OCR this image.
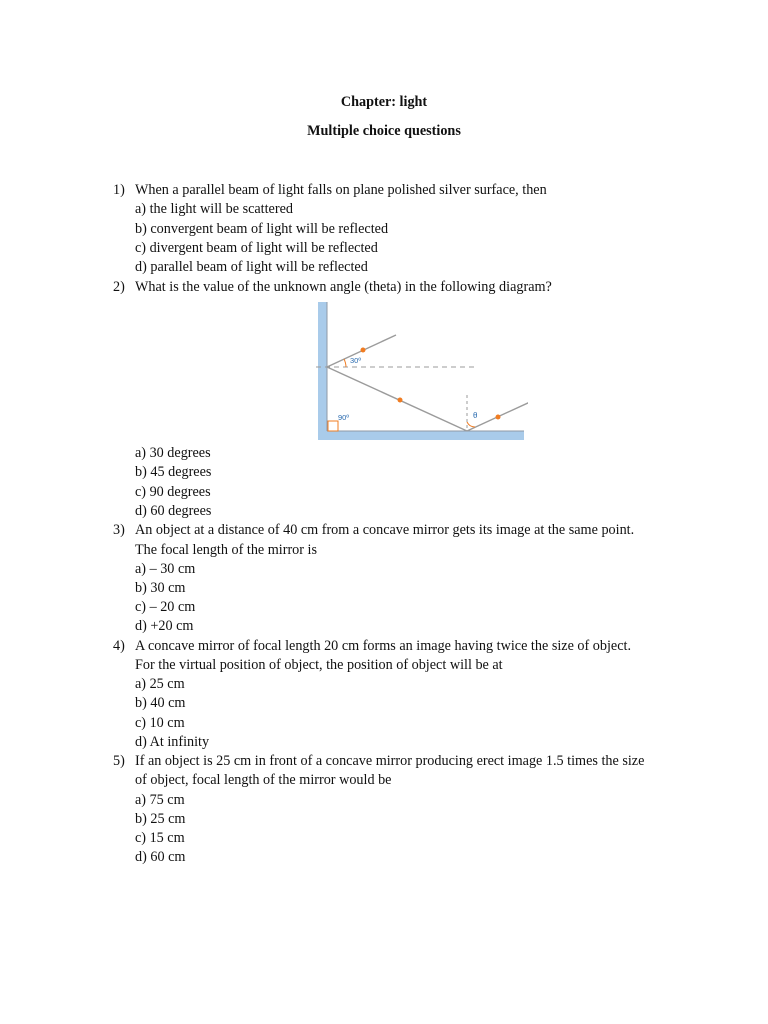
Chapter: light
Multiple choice questions
1) When a parallel beam of light falls on plane polished silver surface, then
a) the light will be scattered
b) convergent beam of light will be reflected
c) divergent beam of light will be reflected
d) parallel beam of light will be reflected
2) What is the value of the unknown angle (theta) in the following diagram?
30º
90º	θ
a) 30 degrees
b) 45 degrees
c) 90 degrees
d) 60 degrees
3) An object at a distance of 40 cm from a concave mirror gets its image at the same point.
The focal length of the mirror is
a) – 30 cm
b) 30 cm
c) – 20 cm
d) +20 cm
4) A concave mirror of focal length 20 cm forms an image having twice the size of object.
For the virtual position of object, the position of object will be at
a) 25 cm
b) 40 cm
c) 10 cm
d) At infinity
5) If an object is 25 cm in front of a concave mirror producing erect image 1.5 times the size
of object, focal length of the mirror would be
a) 75 cm
b) 25 cm
c) 15 cm
d) 60 cm
